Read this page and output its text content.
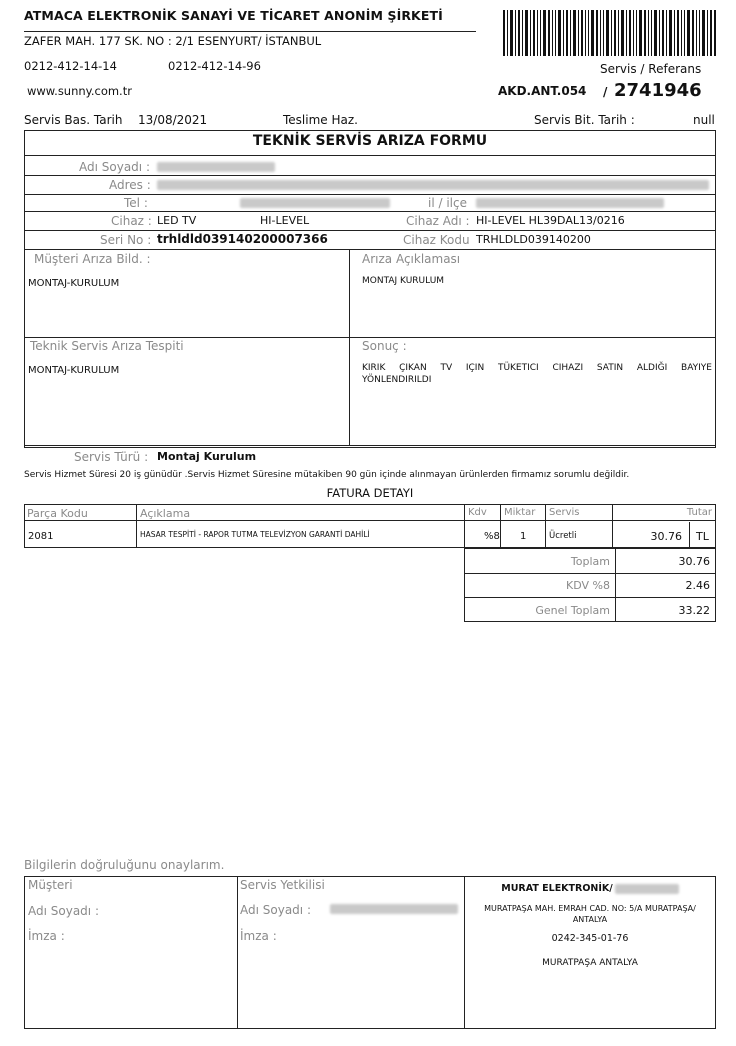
ATMACA ELEKTRONİK SANAYİ VE TİCARET ANONİM ŞİRKETİ
ZAFER MAH. 177 SK. NO : 2/1 ESENYURT/ İSTANBUL
0212-412-14-14	0212-412-14-96
www.sunny.com.tr
Servis / Referans
AKD.ANT.054 / 2741946
Servis Bas. Tarih 13/08/2021	Teslime Haz.	Servis Bit. Tarih :	null
TEKNİK SERVİS ARIZA FORMU
Adı Soyadı :
Adres :
Tel :	il / ilçe
Cihaz : LED TV	HI-LEVEL	Cihaz Adı : HI-LEVEL HL39DAL13/0216
Seri No : trhldld039140200007366	Cihaz Kodu TRHLDLD039140200
Müşteri Arıza Bild. :
MONTAJ-KURULUM
Arıza Açıklaması
MONTAJ KURULUM
Teknik Servis Arıza Tespiti
MONTAJ-KURULUM
Sonuç :
KIRIK ÇIKAN TV IÇIN TÜKETICI CIHAZI SATIN ALDIĞI BAYIYE YÖNLENDIRILDI
Servis Türü : Montaj Kurulum
Servis Hizmet Süresi 20 iş günüdür .Servis Hizmet Süresine mütakiben 90 gün içinde alınmayan ürünlerden firmamız sorumlu değildir.
FATURA DETAYI
Parça Kodu	Açıklama	Kdv Miktar Servis	Tutar
2081	HASAR TESPİTİ - RAPOR TUTMA TELEVİZYON GARANTİ DAHİLİ	%8 1	Ücretli	30.76 TL
Toplam	30.76
KDV %8	2.46
Genel Toplam	33.22
Bilgilerin doğruluğunu onaylarım.
Müşteri
Adı Soyadı :
İmza :
Servis Yetkilisi
Adı Soyadı :
İmza :
MURAT ELEKTRONİK/
MURATPAŞA MAH. EMRAH CAD. NO: 5/A MURATPAŞA/ ANTALYA
0242-345-01-76
MURATPAŞA ANTALYA
